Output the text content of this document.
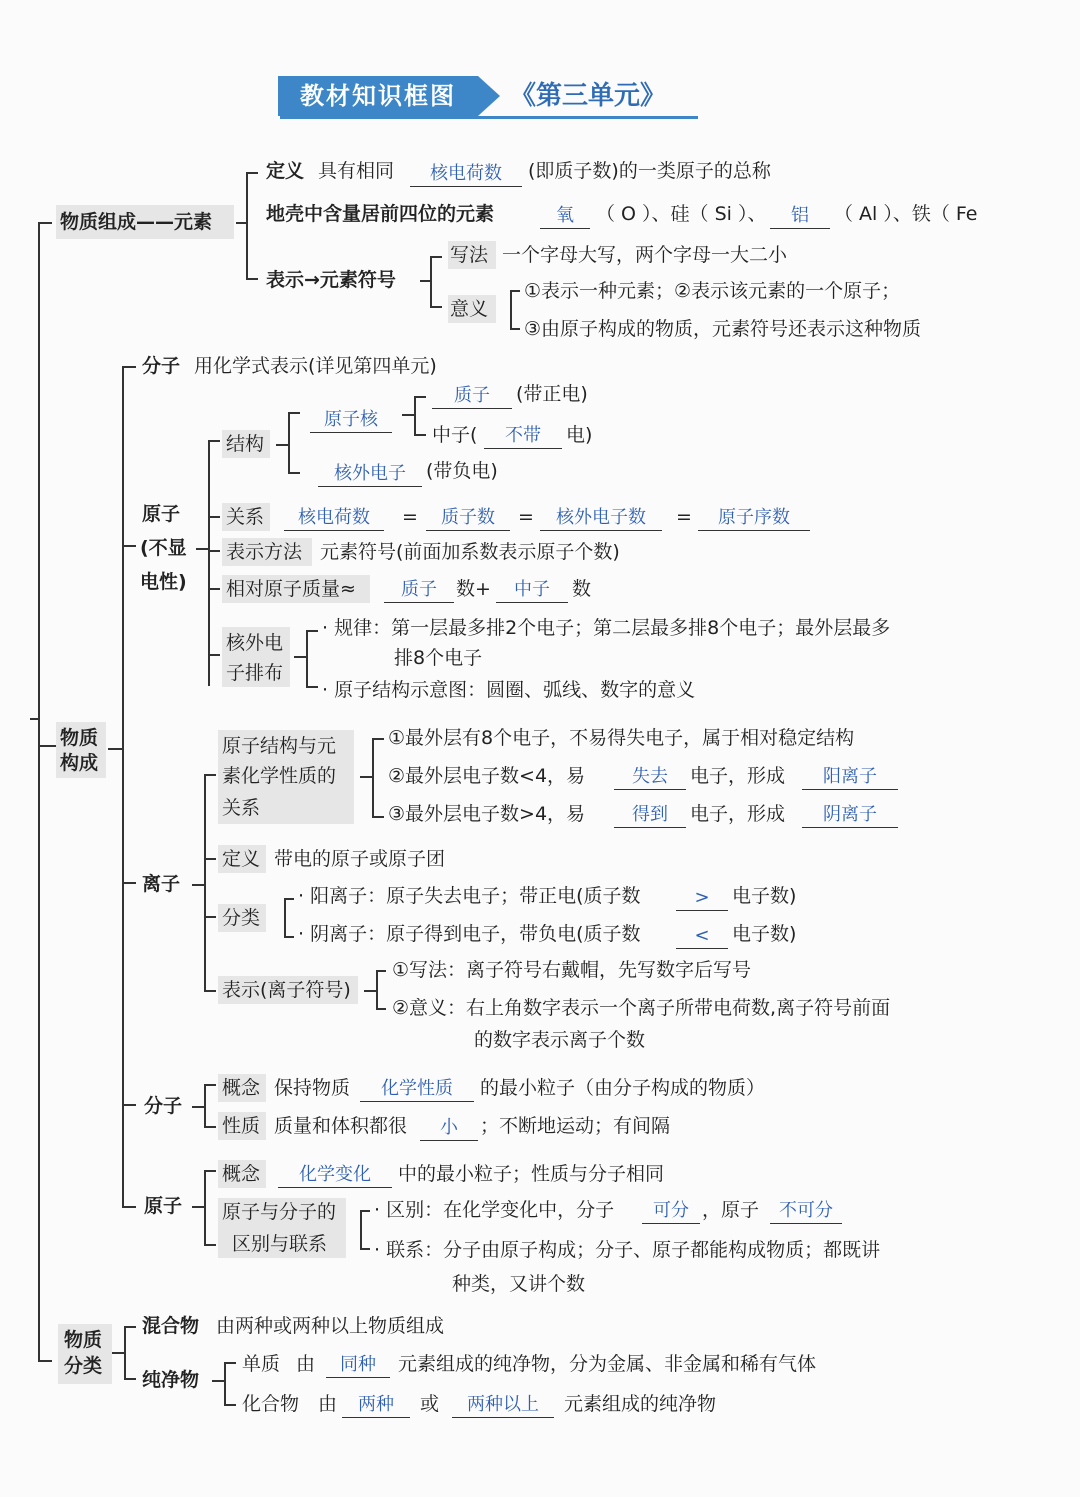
教材知识框图	《第三单元》
物质组成——元素
定义 具有相同	核电荷数	(即质子数)的一类原子的总称
地壳中含量居前四位的元素	氧	（ O ）、硅（ Si ）、	铝	（ Al ）、铁（ Fe
表示→元素符号
写法 一个字母大写，两个字母一大二小
意义
①表示一种元素；②表示该元素的一个原子；
③由原子构成的物质，元素符号还表示这种物质
物质
构成
分子 用化学式表示(详见第四单元)
原子
(不显
电性)
结构
原子核
质子	(带正电)
中子(	不带	电)
核外电子	(带负电)
关系	核电荷数	=	质子数	=	核外电子数	=	原子序数
表示方法 元素符号(前面加系数表示原子个数)
相对原子质量≈	质子	数+	中子	数
核外电
子排布
· 规律：第一层最多排2个电子；第二层最多排8个电子；最外层最多
排8个电子
· 原子结构示意图：圆圈、弧线、数字的意义
离子
原子结构与元
素化学性质的
关系
①最外层有8个电子，不易得失电子，属于相对稳定结构
②最外层电子数<4，易	失去	电子，形成	阳离子
③最外层电子数>4，易	得到	电子，形成	阴离子
定义 带电的原子或原子团
分类
· 阳离子：原子失去电子；带正电(质子数	>	电子数)
· 阴离子：原子得到电子，带负电(质子数	<	电子数)
表示(离子符号)
①写法：离子符号右戴帽，先写数字后写号
②意义：右上角数字表示一个离子所带电荷数,离子符号前面
的数字表示离子个数
分子
概念 保持物质	化学性质	的最小粒子（由分子构成的物质）
性质 质量和体积都很	小	；不断地运动；有间隔
原子
概念	化学变化	中的最小粒子；性质与分子相同
原子与分子的
区别与联系
· 区别：在化学变化中，分子	可分 ，原子	不可分
· 联系：分子由原子构成；分子、原子都能构成物质；都既讲
种类，又讲个数
物质
分类
混合物 由两种或两种以上物质组成
纯净物
单质 由	同种	元素组成的纯净物，分为金属、非金属和稀有气体
化合物 由	两种	或	两种以上	元素组成的纯净物
